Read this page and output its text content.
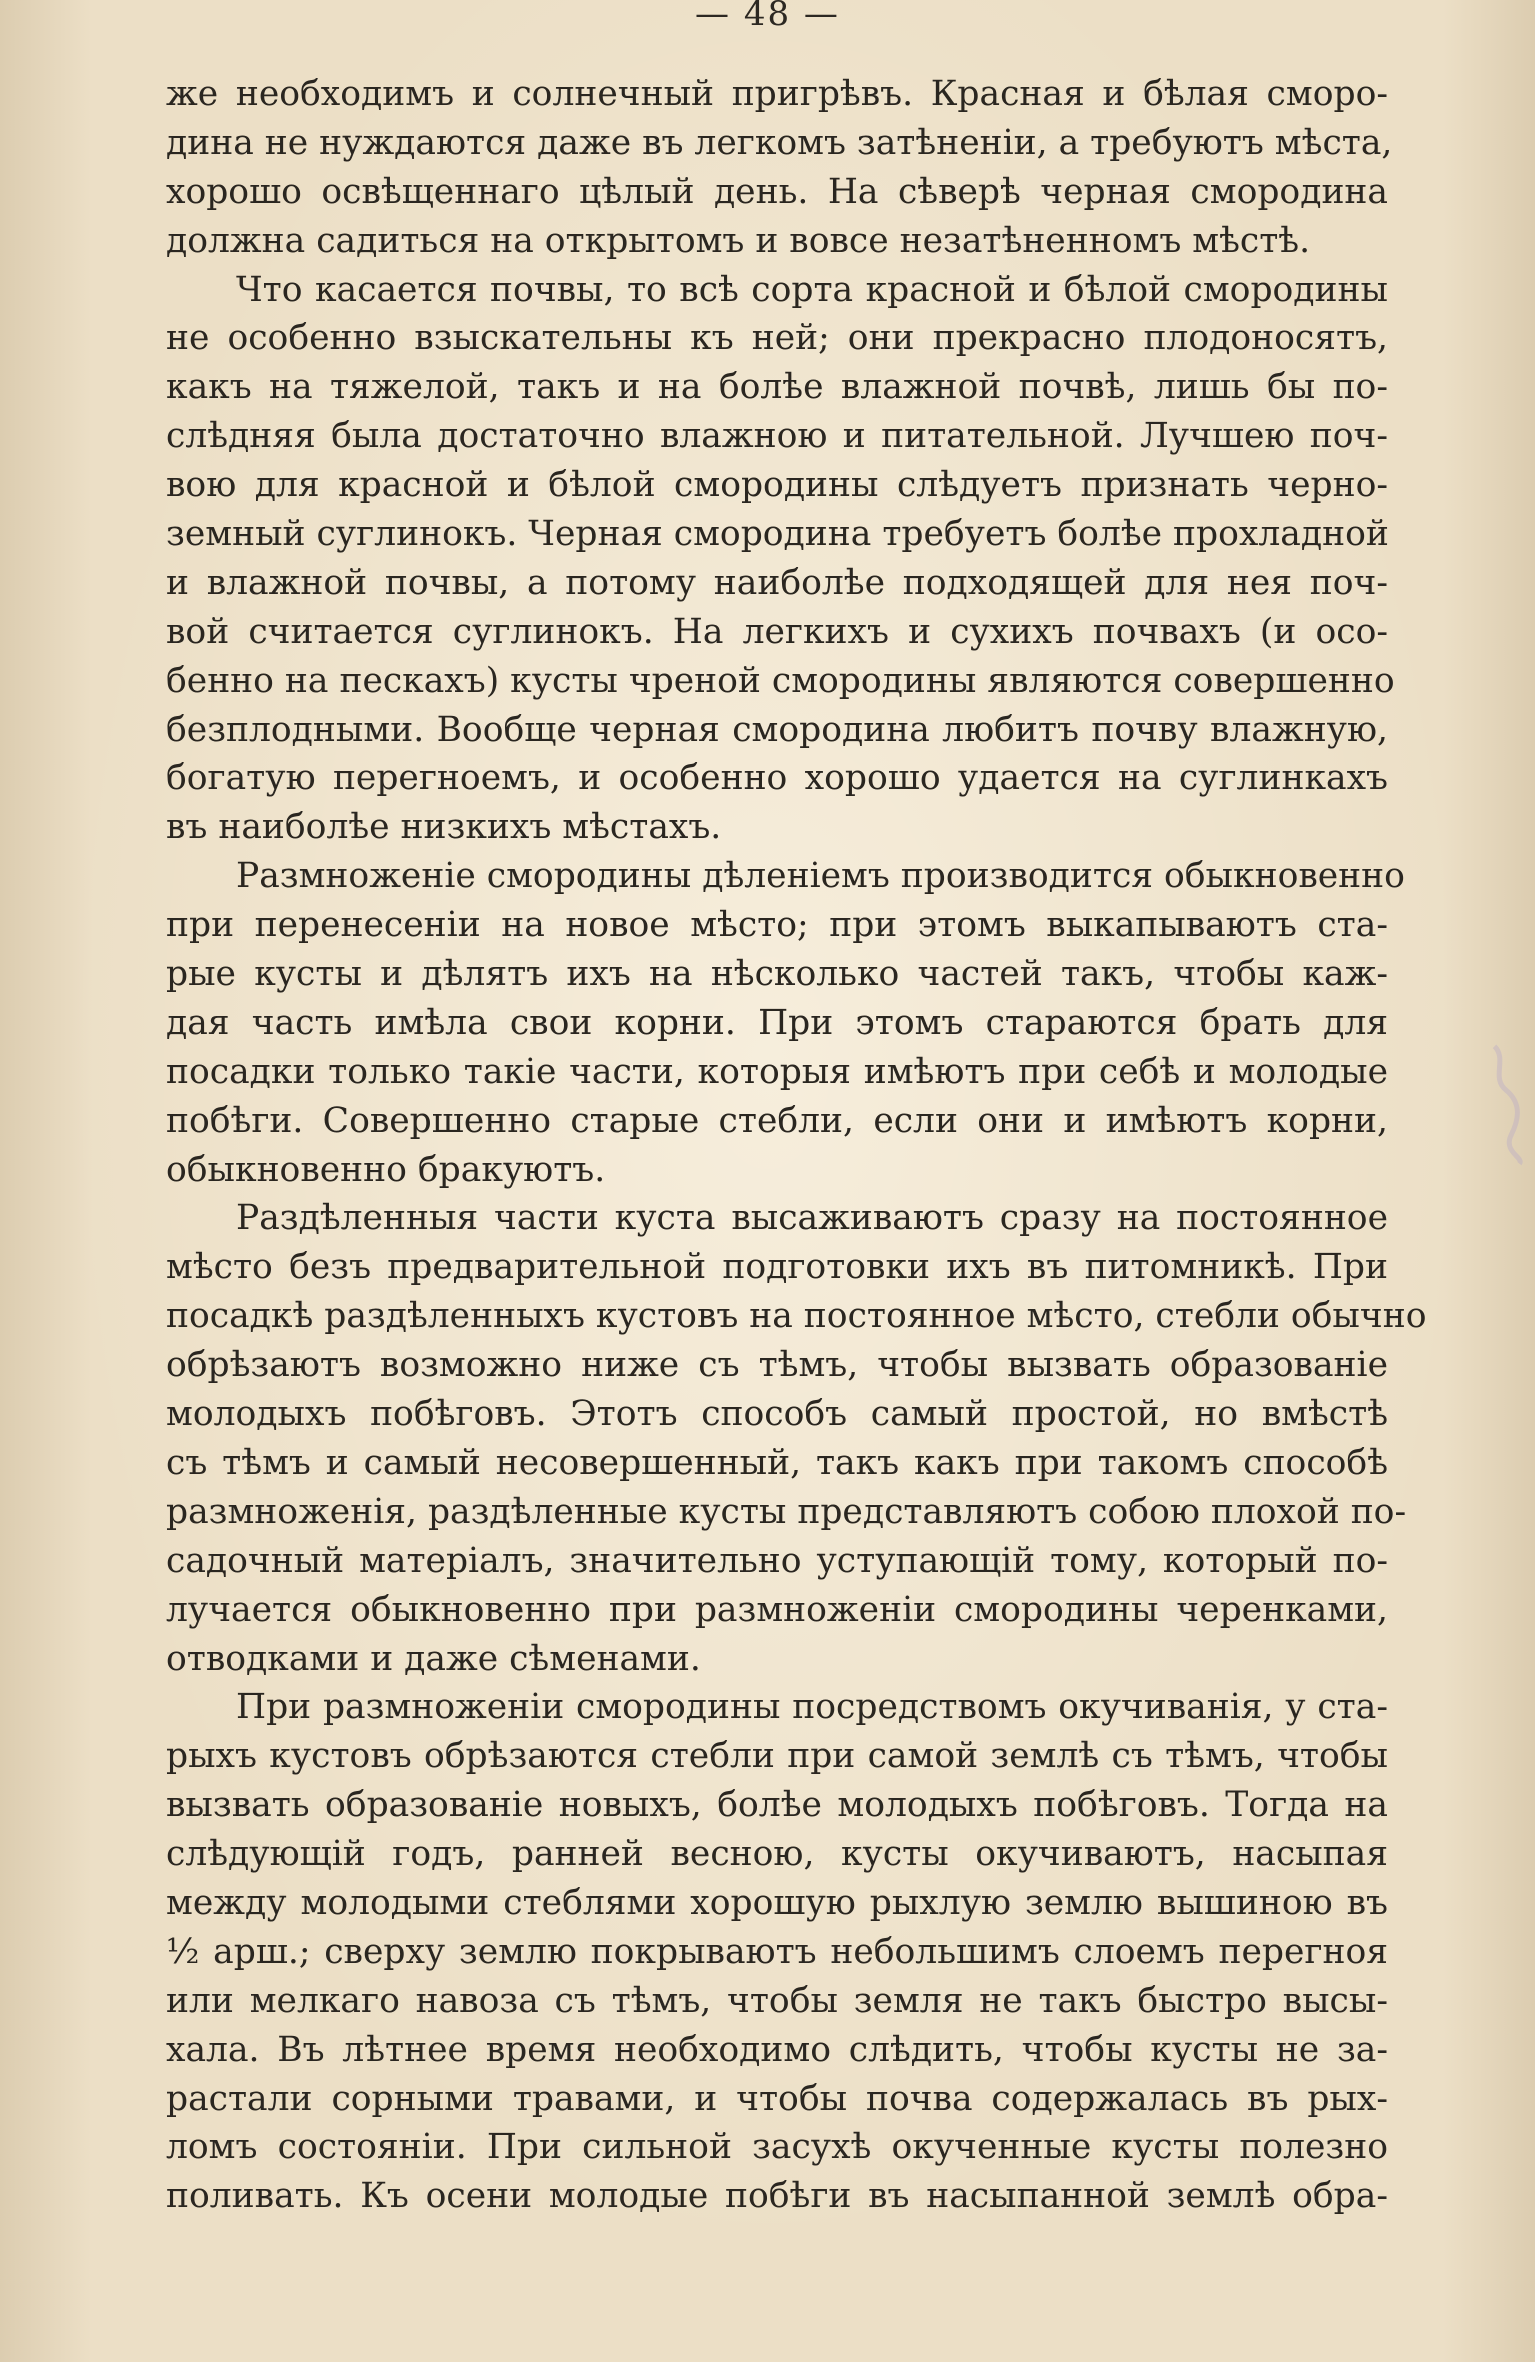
— 48 —
же необходимъ и солнечный пригрѣвъ. Красная и бѣлая сморо-
дина не нуждаются даже въ легкомъ затѣненіи, а требуютъ мѣста,
хорошо освѣщеннаго цѣлый день. На сѣверѣ черная смородина
должна садиться на открытомъ и вовсе незатѣненномъ мѣстѣ.
Что касается почвы, то всѣ сорта красной и бѣлой смородины
не особенно взыскательны къ ней; они прекрасно плодоносятъ,
какъ на тяжелой, такъ и на болѣе влажной почвѣ, лишь бы по-
слѣдняя была достаточно влажною и питательной. Лучшею поч-
вою для красной и бѣлой смородины слѣдуетъ признать черно-
земный суглинокъ. Черная смородина требуетъ болѣе прохладной
и влажной почвы, а потому наиболѣе подходящей для нея поч-
вой считается суглинокъ. На легкихъ и сухихъ почвахъ (и осо-
бенно на пескахъ) кусты чреной смородины являются совершенно
безплодными. Вообще черная смородина любитъ почву влажную,
богатую перегноемъ, и особенно хорошо удается на суглинкахъ
въ наиболѣе низкихъ мѣстахъ.
Размноженіе смородины дѣленіемъ производится обыкновенно
при перенесеніи на новое мѣсто; при этомъ выкапываютъ ста-
рые кусты и дѣлятъ ихъ на нѣсколько частей такъ, чтобы каж-
дая часть имѣла свои корни. При этомъ стараются брать для
посадки только такіе части, которыя имѣютъ при себѣ и молодые
побѣги. Совершенно старые стебли, если они и имѣютъ корни,
обыкновенно бракуютъ.
Раздѣленныя части куста высаживаютъ сразу на постоянное
мѣсто безъ предварительной подготовки ихъ въ питомникѣ. При
посадкѣ раздѣленныхъ кустовъ на постоянное мѣсто, стебли обычно
обрѣзаютъ возможно ниже съ тѣмъ, чтобы вызвать образованіе
молодыхъ побѣговъ. Этотъ способъ самый простой, но вмѣстѣ
съ тѣмъ и самый несовершенный, такъ какъ при такомъ способѣ
размноженія, раздѣленные кусты представляютъ собою плохой по-
садочный матеріалъ, значительно уступающій тому, который по-
лучается обыкновенно при размноженіи смородины черенками,
отводками и даже сѣменами.
При размноженіи смородины посредствомъ окучиванія, у ста-
рыхъ кустовъ обрѣзаются стебли при самой землѣ съ тѣмъ, чтобы
вызвать образованіе новыхъ, болѣе молодыхъ побѣговъ. Тогда на
слѣдующій годъ, ранней весною, кусты окучиваютъ, насыпая
между молодыми стеблями хорошую рыхлую землю вышиною въ
½ арш.; сверху землю покрываютъ небольшимъ слоемъ перегноя
или мелкаго навоза съ тѣмъ, чтобы земля не такъ быстро высы-
хала. Въ лѣтнее время необходимо слѣдить, чтобы кусты не за-
растали сорными травами, и чтобы почва содержалась въ рых-
ломъ состояніи. При сильной засухѣ окученные кусты полезно
поливать. Къ осени молодые побѣги въ насыпанной землѣ обра-
